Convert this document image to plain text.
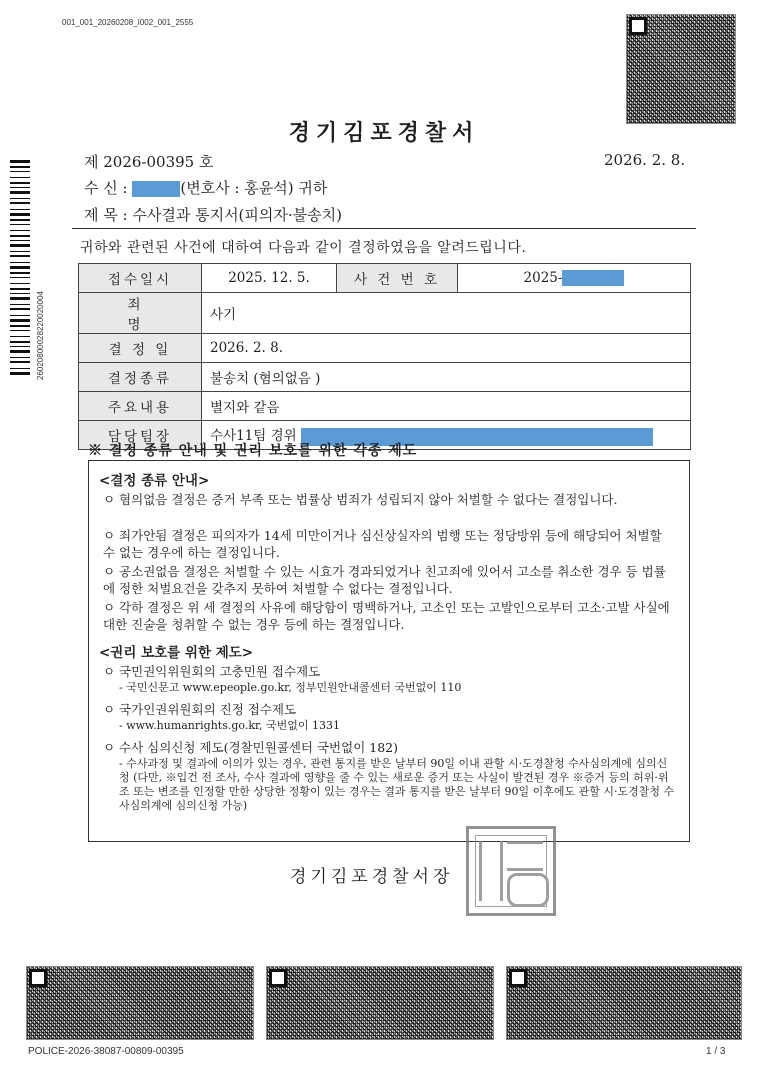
001_001_20260208_I002_001_2555
26020800028220020004
경기김포경찰서
제 2026-00395 호	2026. 2. 8.
수 신 :	(변호사 : 홍윤석) 귀하
제 목 : 수사결과 통지서(피의자·불송치)
귀하와 관련된 사건에 대하여 다음과 같이 결정하였음을 알려드립니다.
접수일시	2025. 12. 5.	사 건 번 호	2025-
죄 명	사기		
결 정 일	2026. 2. 8.		
결정종류	불송치 (혐의없음 )		
주요내용	별지와 같음		
담당팀장	수사11팀 경위		
※ 결정 종류 안내 및 권리 보호를 위한 각종 제도
<결정 종류 안내>
ㅇ 혐의없음 결정은 증거 부족 또는 법률상 범죄가 성립되지 않아 처벌할 수 없다는 결정입니다.
ㅇ 죄가안됨 결정은 피의자가 14세 미만이거나 심신상실자의 범행 또는 정당방위 등에 해당되어 처벌할 수 없는 경우에 하는 결정입니다.
ㅇ 공소권없음 결정은 처벌할 수 있는 시효가 경과되었거나 친고죄에 있어서 고소를 취소한 경우 등 법률에 정한 처벌요건을 갖추지 못하여 처벌할 수 없다는 결정입니다.
ㅇ 각하 결정은 위 세 결정의 사유에 해당함이 명백하거나, 고소인 또는 고발인으로부터 고소·고발 사실에 대한 진술을 청취할 수 없는 경우 등에 하는 결정입니다.
<권리 보호를 위한 제도>
ㅇ 국민권익위원회의 고충민원 접수제도
- 국민신문고 www.epeople.go.kr, 정부민원안내콜센터 국번없이 110
ㅇ 국가인권위원회의 진정 접수제도
- www.humanrights.go.kr, 국번없이 1331
ㅇ 수사 심의신청 제도(경찰민원콜센터 국번없이 182)
- 수사과정 및 결과에 이의가 있는 경우, 관련 통지를 받은 날부터 90일 이내 관할 시·도경찰청 수사심의계에 심의신청 (다만, ※입건 전 조사, 수사 결과에 영향을 줄 수 있는 새로운 증거 또는 사실이 발견된 경우 ※증거 등의 허위·위조 또는 변조를 인정할 만한 상당한 정황이 있는 경우는 결과 통지를 받은 날부터 90일 이후에도 관할 시·도경찰청 수사심의계에 심의신청 가능)
경기김포경찰서장
POLICE-2026-38087-00809-00395	1 / 3
